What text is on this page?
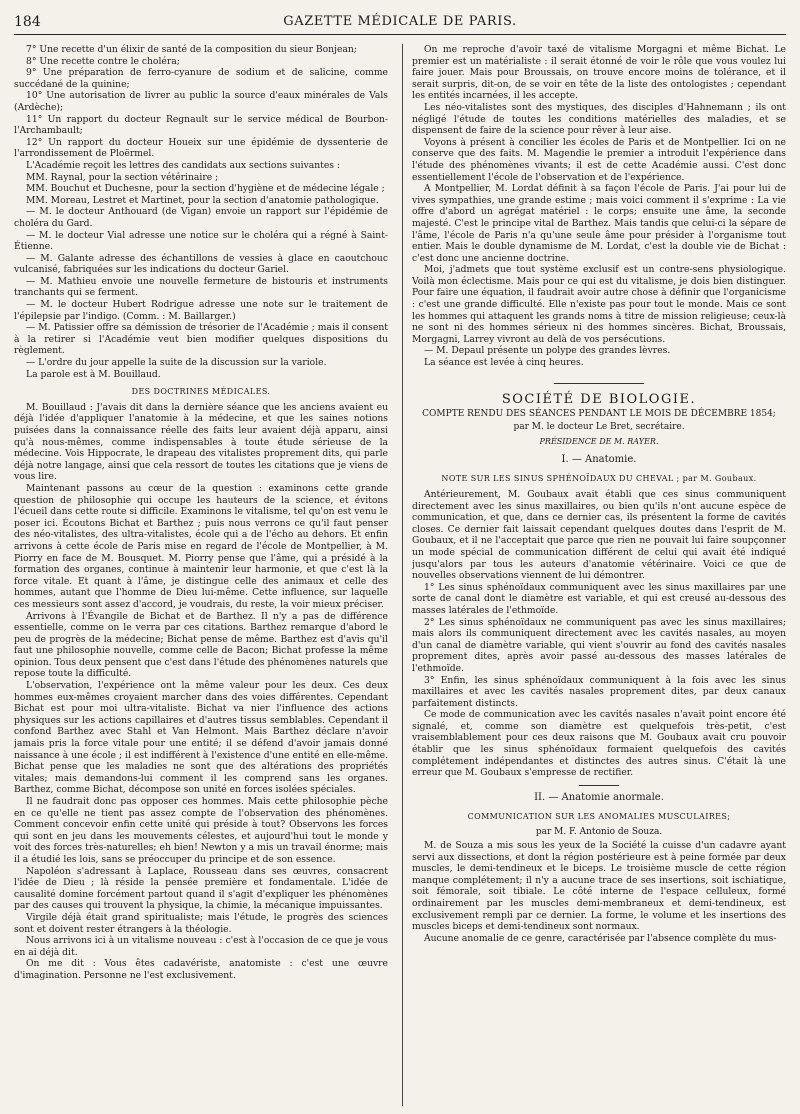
184	GAZETTE MÉDICALE DE PARIS.

7° Une recette d'un élixir de santé de la composition du sieur Bonjean;

8° Une recette contre le choléra;

9° Une préparation de ferro-cyanure de sodium et de salicine, comme succédané de la quinine;

10° Une autorisation de livrer au public la source d'eaux minérales de Vals (Ardèche);

11° Un rapport du docteur Regnault sur le service médical de Bourbon-l'Archambault;

12° Un rapport du docteur Houeix sur une épidémie de dyssenterie de l'arrondissement de Ploërmel.

L'Académie reçoit les lettres des candidats aux sections suivantes :

MM. Raynal, pour la section vétérinaire ;

MM. Bouchut et Duchesne, pour la section d'hygiène et de médecine légale ;

MM. Moreau, Lestret et Martinet, pour la section d'anatomie pathologique.

— M. le docteur Anthouard (de Vigan) envoie un rapport sur l'épidémie de choléra du Gard.

— M. le docteur Vial adresse une notice sur le choléra qui a régné à Saint-Étienne.

— M. Galante adresse des échantillons de vessies à glace en caoutchouc vulcanisé, fabriquées sur les indications du docteur Gariel.

— M. Mathieu envoie une nouvelle fermeture de bistouris et instruments tranchants qui se ferment.

— M. le docteur Hubert Rodrigue adresse une note sur le traitement de l'épilepsie par l'indigo. (Comm. : M. Baillarger.)

— M. Patissier offre sa démission de trésorier de l'Académie ; mais il consent à la retirer si l'Académie veut bien modifier quelques dispositions du règlement.

— L'ordre du jour appelle la suite de la discussion sur la variole.

La parole est à M. Bouillaud.

DES DOCTRINES MÉDICALES.

M. Bouillaud : J'avais dit dans la dernière séance que les anciens avaient eu déjà l'idée d'appliquer l'anatomie à la médecine, et que les saines notions puisées dans la connaissance réelle des faits leur avaient déjà apparu, ainsi qu'à nous-mêmes, comme indispensables à toute étude sérieuse de la médecine. Vois Hippocrate, le drapeau des vitalistes proprement dits, qui parle déjà notre langage, ainsi que cela ressort de toutes les citations que je viens de vous lire.

Maintenant passons au cœur de la question : examinons cette grande question de philosophie qui occupe les hauteurs de la science, et évitons l'écueil dans cette route si difficile. Examinons le vitalisme, tel qu'on est venu le poser ici. Écoutons Bichat et Barthez ; puis nous verrons ce qu'il faut penser des néo-vitalistes, des ultra-vitalistes, école qui a de l'écho au dehors. Et enfin arrivons à cette école de Paris mise en regard de l'école de Montpellier, à M. Piorry en face de M. Bousquet. M. Piorry pense que l'âme, qui a présidé à la formation des organes, continue à maintenir leur harmonie, et que c'est là la force vitale. Et quant à l'âme, je distingue celle des animaux et celle des hommes, autant que l'homme de Dieu lui-même. Cette influence, sur laquelle ces messieurs sont assez d'accord, je voudrais, du reste, la voir mieux préciser.

Arrivons à l'Évangile de Bichat et de Barthez. Il n'y a pas de différence essentielle, comme on le verra par ces citations. Barthez remarque d'abord le peu de progrès de la médecine; Bichat pense de même. Barthez est d'avis qu'il faut une philosophie nouvelle, comme celle de Bacon; Bichat professe la même opinion. Tous deux pensent que c'est dans l'étude des phénomènes naturels que repose toute la difficulté.

L'observation, l'expérience ont la même valeur pour les deux. Ces deux hommes eux-mêmes croyaient marcher dans des voies différentes. Cependant Bichat est pour moi ultra-vitaliste. Bichat va nier l'influence des actions physiques sur les actions capillaires et d'autres tissus semblables. Cependant il confond Barthez avec Stahl et Van Helmont. Mais Barthez déclare n'avoir jamais pris la force vitale pour une entité; il se défend d'avoir jamais donné naissance à une école ; il est indifférent à l'existence d'une entité en elle-même. Bichat pense que les maladies ne sont que des altérations des propriétés vitales; mais demandons-lui comment il les comprend sans les organes. Barthez, comme Bichat, décompose son unité en forces isolées spéciales.

Il ne faudrait donc pas opposer ces hommes. Mais cette philosophie pèche en ce qu'elle ne tient pas assez compte de l'observation des phénomènes. Comment concevoir enfin cette unité qui préside à tout? Observons les forces qui sont en jeu dans les mouvements célestes, et aujourd'hui tout le monde y voit des forces très-naturelles; eh bien! Newton y a mis un travail énorme; mais il a étudié les lois, sans se préoccuper du principe et de son essence.

Napoléon s'adressant à Laplace, Rousseau dans ses œuvres, consacrent l'idée de Dieu ; là réside la pensée première et fondamentale. L'idée de causalité domine forcément partout quand il s'agit d'expliquer les phénomènes par des causes qui trouvent la physique, la chimie, la mécanique impuissantes.

Virgile déjà était grand spiritualiste; mais l'étude, le progrès des sciences sont et doivent rester étrangers à la théologie.

Nous arrivons ici à un vitalisme nouveau : c'est à l'occasion de ce que je vous en ai déjà dit.

On me dit : Vous êtes cadavériste, anatomiste : c'est une œuvre d'imagination. Personne ne l'est exclusivement.

On me reproche d'avoir taxé de vitalisme Morgagni et même Bichat. Le premier est un matérialiste : il serait étonné de voir le rôle que vous voulez lui faire jouer. Mais pour Broussais, on trouve encore moins de tolérance, et il serait surpris, dit-on, de se voir en tête de la liste des ontologistes ; cependant les entités incarnées, il les accepte.

Les néo-vitalistes sont des mystiques, des disciples d'Hahnemann ; ils ont négligé l'étude de toutes les conditions matérielles des maladies, et se dispensent de faire de la science pour rêver à leur aise.

Voyons à présent à concilier les écoles de Paris et de Montpellier. Ici on ne conserve que des faits. M. Magendie le premier a introduit l'expérience dans l'étude des phénomènes vivants; il est de cette Académie aussi. C'est donc essentiellement l'école de l'observation et de l'expérience.

A Montpellier, M. Lordat définit à sa façon l'école de Paris. J'ai pour lui de vives sympathies, une grande estime ; mais voici comment il s'exprime : La vie offre d'abord un agrégat matériel : le corps; ensuite une âme, la seconde majesté. C'est le principe vital de Barthez. Mais tandis que celui-ci la sépare de l'âme, l'école de Paris n'a qu'une seule âme pour présider à l'organisme tout entier. Mais le double dynamisme de M. Lordat, c'est la double vie de Bichat : c'est donc une ancienne doctrine.

Moi, j'admets que tout système exclusif est un contre-sens physiologique. Voilà mon éclectisme. Mais pour ce qui est du vitalisme, je dois bien distinguer. Pour faire une équation, il faudrait avoir autre chose à définir que l'organicisme : c'est une grande difficulté. Elle n'existe pas pour tout le monde. Mais ce sont les hommes qui attaquent les grands noms à titre de mission religieuse; ceux-là ne sont ni des hommes sérieux ni des hommes sincères. Bichat, Broussais, Morgagni, Larrey vivront au delà de vos persécutions.

— M. Depaul présente un polype des grandes lèvres.

La séance est levée à cinq heures.

SOCIÉTÉ DE BIOLOGIE.
COMPTE RENDU DES SÉANCES PENDANT LE MOIS DE DÉCEMBRE 1854;
par M. le docteur Le Bret, secrétaire.
PRÉSIDENCE DE M. RAYER.
I. — Anatomie.
NOTE SUR LES SINUS SPHÉNOÏDAUX DU CHEVAL ; par M. Goubaux.

Antérieurement, M. Goubaux avait établi que ces sinus communiquent directement avec les sinus maxillaires, ou bien qu'ils n'ont aucune espèce de communication, et que, dans ce dernier cas, ils présentent la forme de cavités closes. Ce dernier fait laissait cependant quelques doutes dans l'esprit de M. Goubaux, et il ne l'acceptait que parce que rien ne pouvait lui faire soupçonner un mode spécial de communication différent de celui qui avait été indiqué jusqu'alors par tous les auteurs d'anatomie vétérinaire. Voici ce que de nouvelles observations viennent de lui démontrer.

1° Les sinus sphénoïdaux communiquent avec les sinus maxillaires par une sorte de canal dont le diamètre est variable, et qui est creusé au-dessous des masses latérales de l'ethmoïde.

2° Les sinus sphénoïdaux ne communiquent pas avec les sinus maxillaires; mais alors ils communiquent directement avec les cavités nasales, au moyen d'un canal de diamètre variable, qui vient s'ouvrir au fond des cavités nasales proprement dites, après avoir passé au-dessous des masses latérales de l'ethmoïde.

3° Enfin, les sinus sphénoïdaux communiquent à la fois avec les sinus maxillaires et avec les cavités nasales proprement dites, par deux canaux parfaitement distincts.

Ce mode de communication avec les cavités nasales n'avait point encore été signalé, et, comme son diamètre est quelquefois très-petit, c'est vraisemblablement pour ces deux raisons que M. Goubaux avait cru pouvoir établir que les sinus sphénoïdaux formaient quelquefois des cavités complétement indépendantes et distinctes des autres sinus. C'était là une erreur que M. Goubaux s'empresse de rectifier.

II. — Anatomie anormale.
COMMUNICATION SUR LES ANOMALIES MUSCULAIRES;
par M. F. Antonio de Souza.

M. de Souza a mis sous les yeux de la Société la cuisse d'un cadavre ayant servi aux dissections, et dont la région postérieure est à peine formée par deux muscles, le demi-tendineux et le biceps. Le troisième muscle de cette région manque complétement; il n'y a aucune trace de ses insertions, soit ischiatique, soit fémorale, soit tibiale. Le côté interne de l'espace celluleux, formé ordinairement par les muscles demi-membraneux et demi-tendineux, est exclusivement rempli par ce dernier. La forme, le volume et les insertions des muscles biceps et demi-tendineux sont normaux.

Aucune anomalie de ce genre, caractérisée par l'absence complète du mus-
